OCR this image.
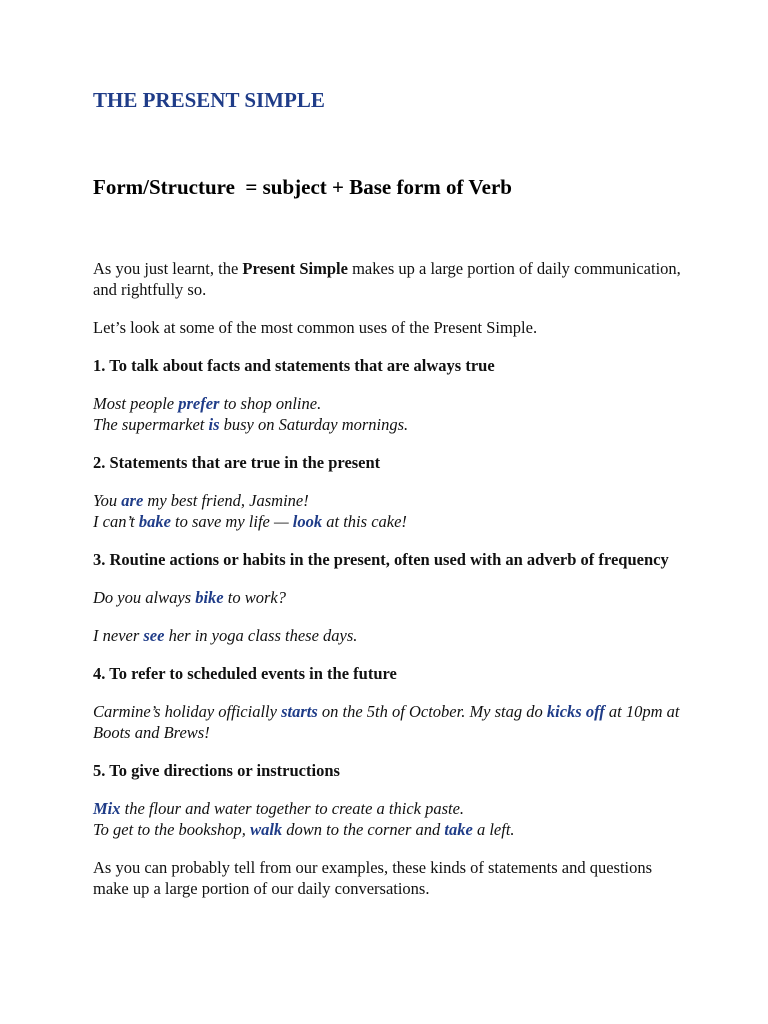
THE PRESENT SIMPLE
Form/Structure  = subject + Base form of Verb

As you just learnt, the Present Simple makes up a large portion of daily communication, and rightfully so.

Let’s look at some of the most common uses of the Present Simple.

1. To talk about facts and statements that are always true

Most people prefer to shop online.
The supermarket is busy on Saturday mornings.

2. Statements that are true in the present

You are my best friend, Jasmine!
I can’t bake to save my life — look at this cake!

3. Routine actions or habits in the present, often used with an adverb of frequency

Do you always bike to work?

I never see her in yoga class these days.

4. To refer to scheduled events in the future

Carmine’s holiday officially starts on the 5th of October. My stag do kicks off at 10pm at Boots and Brews!

5. To give directions or instructions

Mix the flour and water together to create a thick paste.
To get to the bookshop, walk down to the corner and take a left.

As you can probably tell from our examples, these kinds of statements and questions make up a large portion of our daily conversations.
